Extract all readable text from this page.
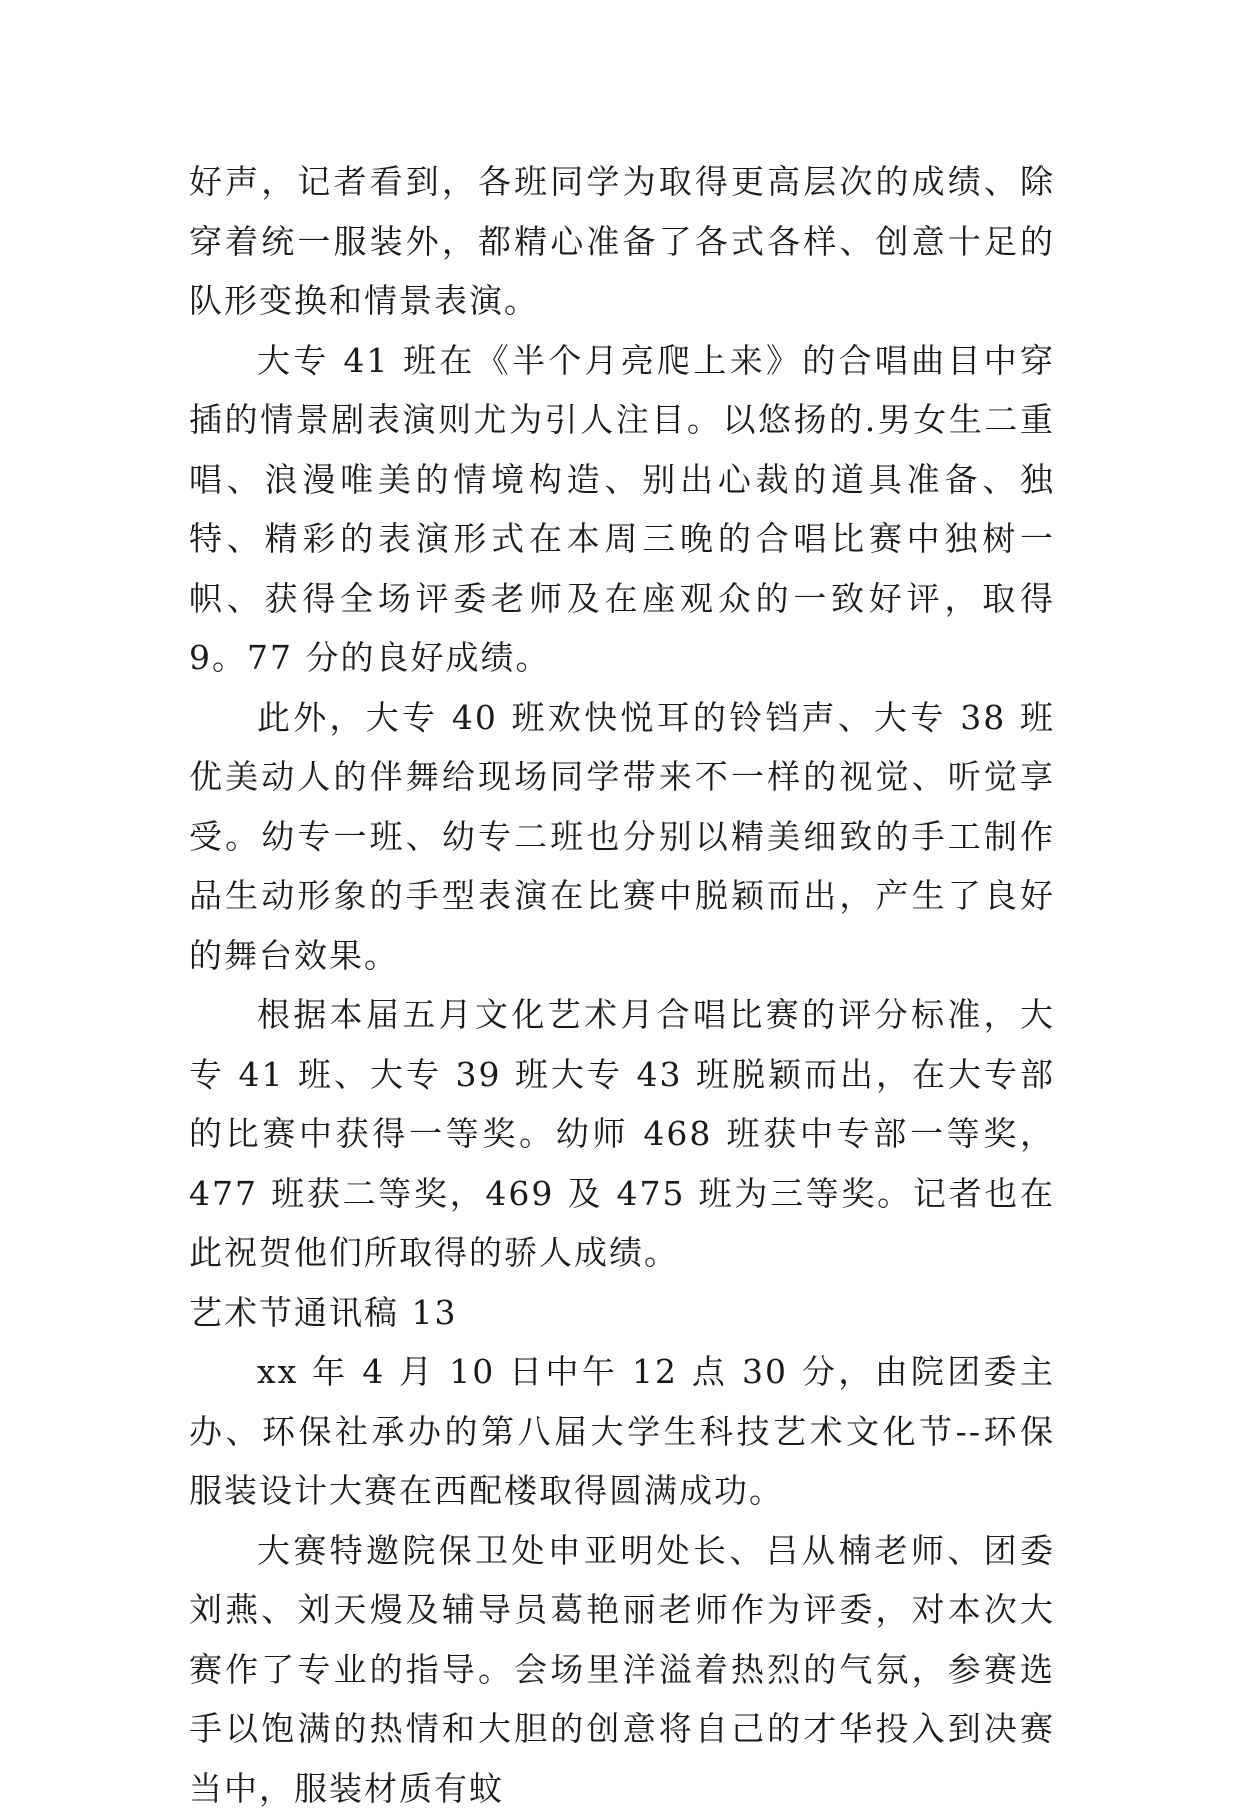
好声，记者看到，各班同学为取得更高层次的成绩、除穿着统一服装外，都精心准备了各式各样、创意十足的队形变换和情景表演。

大专 41 班在《半个月亮爬上来》的合唱曲目中穿插的情景剧表演则尤为引人注目。以悠扬的.男女生二重唱、浪漫唯美的情境构造、别出心裁的道具准备、独特、精彩的表演形式在本周三晚的合唱比赛中独树一帜、获得全场评委老师及在座观众的一致好评，取得 9。77 分的良好成绩。

此外，大专 40 班欢快悦耳的铃铛声、大专 38 班优美动人的伴舞给现场同学带来不一样的视觉、听觉享受。幼专一班、幼专二班也分别以精美细致的手工制作品生动形象的手型表演在比赛中脱颖而出，产生了良好的舞台效果。

根据本届五月文化艺术月合唱比赛的评分标准，大专 41 班、大专 39 班大专 43 班脱颖而出，在大专部的比赛中获得一等奖。幼师 468 班获中专部一等奖，477 班获二等奖，469 及 475 班为三等奖。记者也在此祝贺他们所取得的骄人成绩。

艺术节通讯稿 13

xx 年 4 月 10 日中午 12 点 30 分，由院团委主办、环保社承办的第八届大学生科技艺术文化节--环保服装设计大赛在西配楼取得圆满成功。

大赛特邀院保卫处申亚明处长、吕从楠老师、团委刘燕、刘天熳及辅导员葛艳丽老师作为评委，对本次大赛作了专业的指导。会场里洋溢着热烈的气氛，参赛选手以饱满的热情和大胆的创意将自己的才华投入到决赛当中，服装材质有蚊
